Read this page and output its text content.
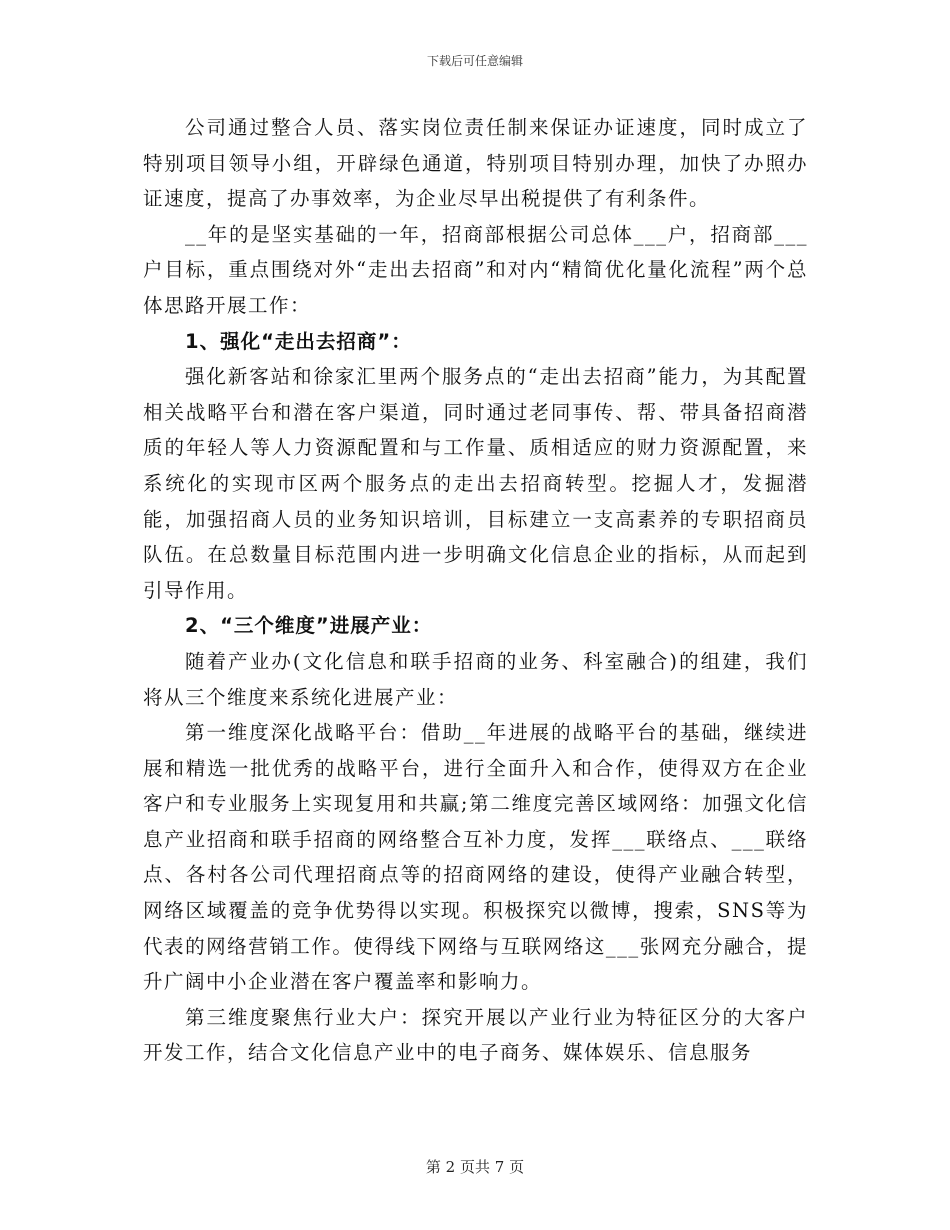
下载后可任意编辑

公司通过整合人员、落实岗位责任制来保证办证速度，同时成立了特别项目领导小组，开辟绿色通道，特别项目特别办理，加快了办照办证速度，提高了办事效率，为企业尽早出税提供了有利条件。

__年的是坚实基础的一年，招商部根据公司总体___户，招商部___户目标，重点围绕对外“走出去招商”和对内“精简优化量化流程”两个总体思路开展工作：

1、强化“走出去招商”：

强化新客站和徐家汇里两个服务点的“走出去招商”能力，为其配置相关战略平台和潜在客户渠道，同时通过老同事传、帮、带具备招商潜质的年轻人等人力资源配置和与工作量、质相适应的财力资源配置，来系统化的实现市区两个服务点的走出去招商转型。挖掘人才，发掘潜能，加强招商人员的业务知识培训，目标建立一支高素养的专职招商员队伍。在总数量目标范围内进一步明确文化信息企业的指标，从而起到引导作用。

2、“三个维度”进展产业：

随着产业办(文化信息和联手招商的业务、科室融合)的组建，我们将从三个维度来系统化进展产业：

第一维度深化战略平台：借助__年进展的战略平台的基础，继续进展和精选一批优秀的战略平台，进行全面升入和合作，使得双方在企业客户和专业服务上实现复用和共赢;第二维度完善区域网络：加强文化信息产业招商和联手招商的网络整合互补力度，发挥___联络点、___联络点、各村各公司代理招商点等的招商网络的建设，使得产业融合转型，网络区域覆盖的竞争优势得以实现。积极探究以微博，搜索，SNS等为代表的网络营销工作。使得线下网络与互联网络这___张网充分融合，提升广阔中小企业潜在客户覆盖率和影响力。

第三维度聚焦行业大户：探究开展以产业行业为特征区分的大客户开发工作，结合文化信息产业中的电子商务、媒体娱乐、信息服务

第 2 页共 7 页
